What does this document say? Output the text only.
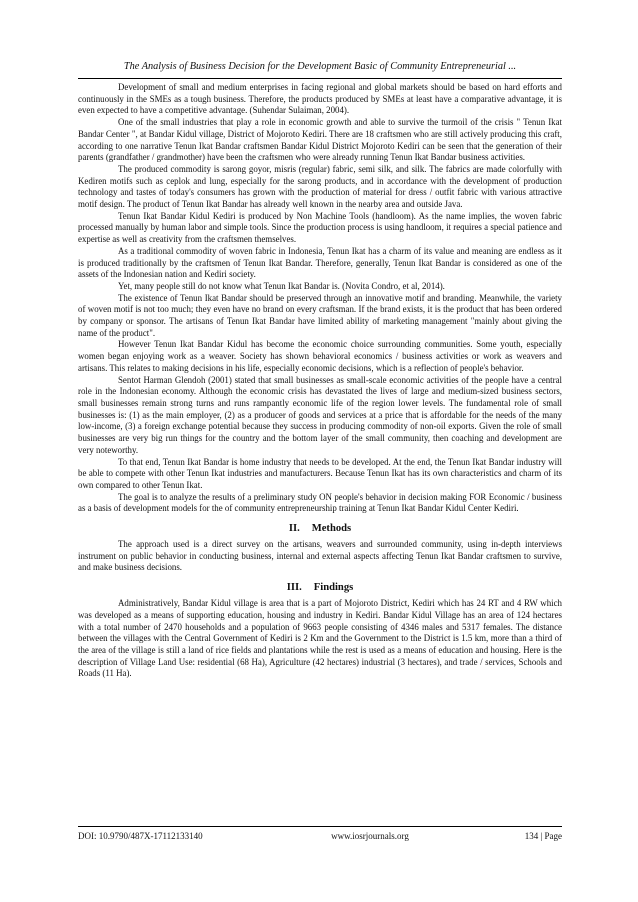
The Analysis of Business Decision for the Development Basic of Community Entrepreneurial ...

Development of small and medium enterprises in facing regional and global markets should be based on hard efforts and continuously in the SMEs as a tough business. Therefore, the products produced by SMEs at least have a comparative advantage, it is even expected to have a competitive advantage. (Suhendar Sulaiman, 2004).

One of the small industries that play a role in economic growth and able to survive the turmoil of the crisis " Tenun Ikat Bandar Center ", at Bandar Kidul village, District of Mojoroto Kediri. There are 18 craftsmen who are still actively producing this craft, according to one narrative Tenun Ikat Bandar craftsmen Bandar Kidul District Mojoroto Kediri can be seen that the generation of their parents (grandfather / grandmother) have been the craftsmen who were already running Tenun Ikat Bandar business activities.

The produced commodity is sarong goyor, misris (regular) fabric, semi silk, and silk. The fabrics are made colorfully with Kediren motifs such as ceplok and lung, especially for the sarong products, and in accordance with the development of production technology and tastes of today's consumers has grown with the production of material for dress / outfit fabric with various attractive motif design. The product of Tenun Ikat Bandar has already well known in the nearby area and outside Java.

Tenun Ikat Bandar Kidul Kediri is produced by Non Machine Tools (handloom). As the name implies, the woven fabric processed manually by human labor and simple tools. Since the production process is using handloom, it requires a special patience and expertise as well as creativity from the craftsmen themselves.

As a traditional commodity of woven fabric in Indonesia, Tenun Ikat has a charm of its value and meaning are endless as it is produced traditionally by the craftsmen of Tenun Ikat Bandar. Therefore, generally, Tenun Ikat Bandar is considered as one of the assets of the Indonesian nation and Kediri society.

Yet, many people still do not know what Tenun Ikat Bandar is. (Novita Condro, et al, 2014).

The existence of Tenun Ikat Bandar should be preserved through an innovative motif and branding. Meanwhile, the variety of woven motif is not too much; they even have no brand on every craftsman. If the brand exists, it is the product that has been ordered by company or sponsor. The artisans of Tenun Ikat Bandar have limited ability of marketing management "mainly about giving the name of the product".

However Tenun Ikat Bandar Kidul has become the economic choice surrounding communities. Some youth, especially women began enjoying work as a weaver. Society has shown behavioral economics / business activities or work as weavers and artisans. This relates to making decisions in his life, especially economic decisions, which is a reflection of people's behavior.

Sentot Harman Glendoh (2001) stated that small businesses as small-scale economic activities of the people have a central role in the Indonesian economy. Although the economic crisis has devastated the lives of large and medium-sized business sectors, small businesses remain strong turns and runs rampantly economic life of the region lower levels. The fundamental role of small businesses is: (1) as the main employer, (2) as a producer of goods and services at a price that is affordable for the needs of the many low-income, (3) a foreign exchange potential because they success in producing commodity of non-oil exports. Given the role of small businesses are very big run things for the country and the bottom layer of the small community, then coaching and development are very noteworthy.

To that end, Tenun Ikat Bandar is home industry that needs to be developed. At the end, the Tenun Ikat Bandar industry will be able to compete with other Tenun Ikat industries and manufacturers. Because Tenun Ikat has its own characteristics and charm of its own compared to other Tenun Ikat.

The goal is to analyze the results of a preliminary study ON people's behavior in decision making FOR Economic / business as a basis of development models for the of community entrepreneurship training at Tenun Ikat Bandar Kidul Center Kediri.

II. Methods

The approach used is a direct survey on the artisans, weavers and surrounded community, using in-depth interviews instrument on public behavior in conducting business, internal and external aspects affecting Tenun Ikat Bandar craftsmen to survive, and make business decisions.

III. Findings

Administratively, Bandar Kidul village is area that is a part of Mojoroto District, Kediri which has 24 RT and 4 RW which was developed as a means of supporting education, housing and industry in Kediri. Bandar Kidul Village has an area of 124 hectares with a total number of 2470 households and a population of 9663 people consisting of 4346 males and 5317 females. The distance between the villages with the Central Government of Kediri is 2 Km and the Government to the District is 1.5 km, more than a third of the area of the village is still a land of rice fields and plantations while the rest is used as a means of education and housing. Here is the description of Village Land Use: residential (68 Ha), Agriculture (42 hectares) industrial (3 hectares), and trade / services, Schools and Roads (11 Ha).

DOI: 10.9790/487X-17112133140	www.iosrjournals.org	134 | Page
